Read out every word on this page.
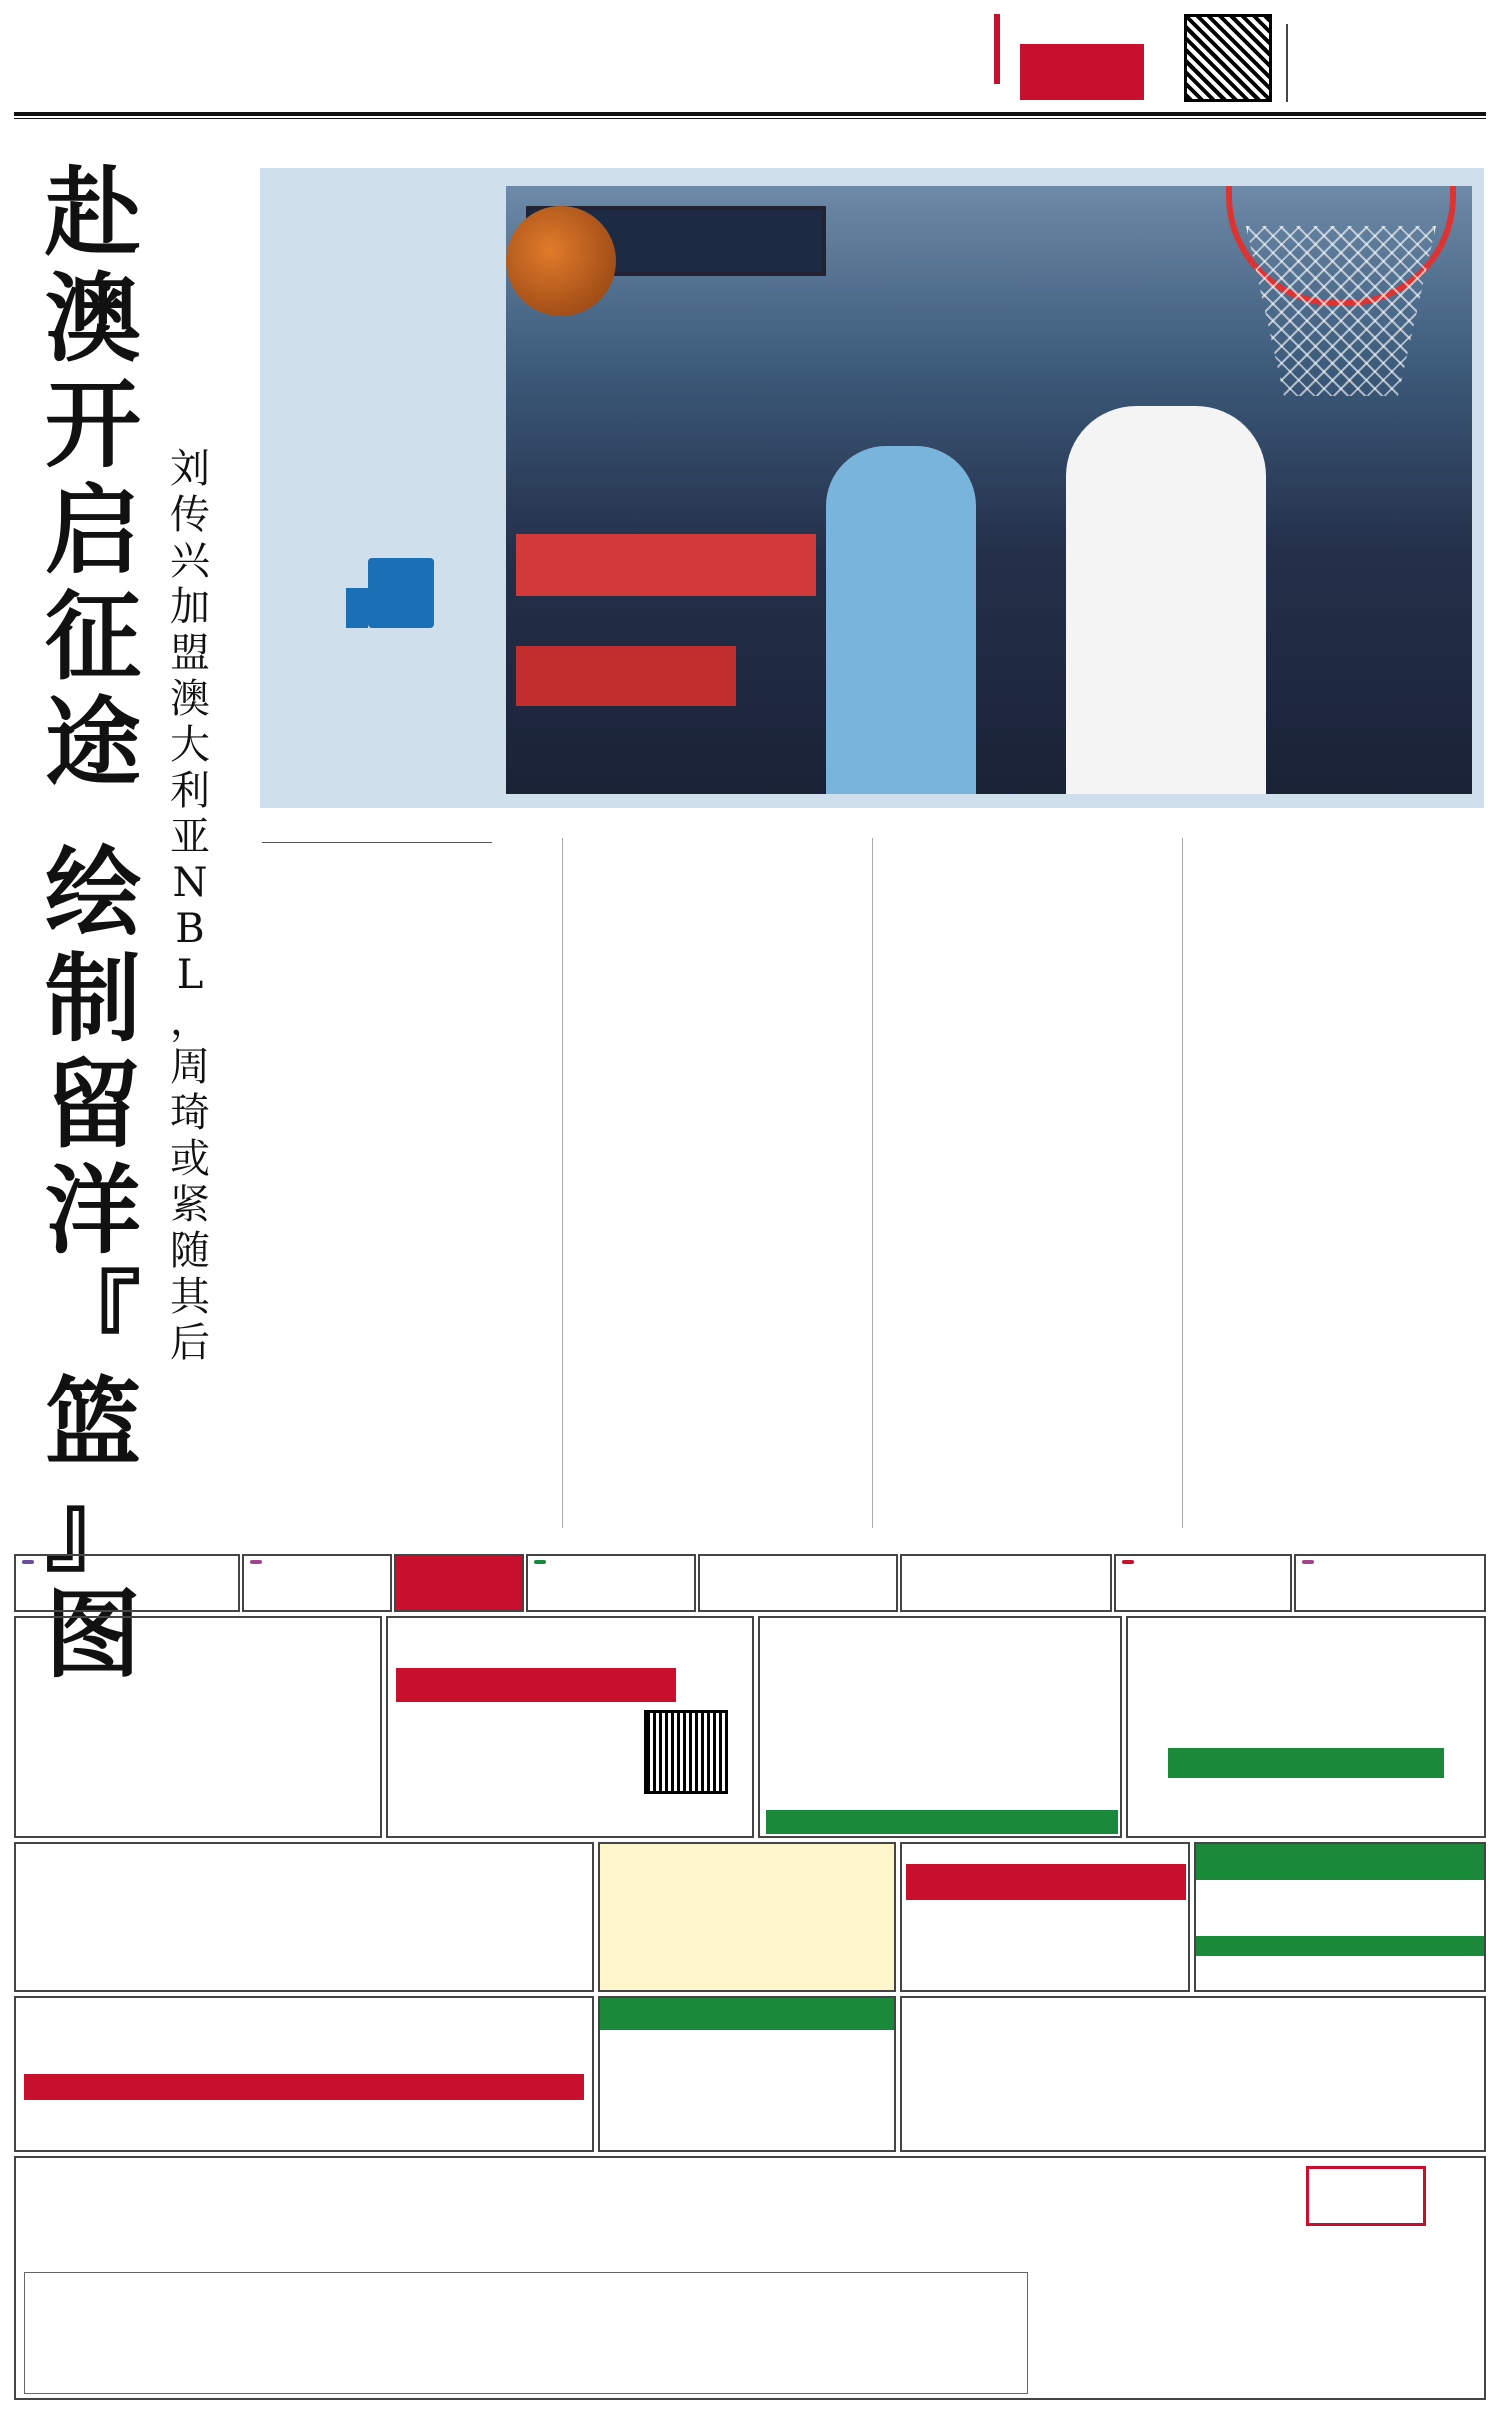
赴
澳
开
启
征
途
绘
制
留
洋
『
篮
』
图
刘
传
兴
加
盟
澳
大
利
亚
N
B
L
，
周
琦
或
紧
随
其
后
